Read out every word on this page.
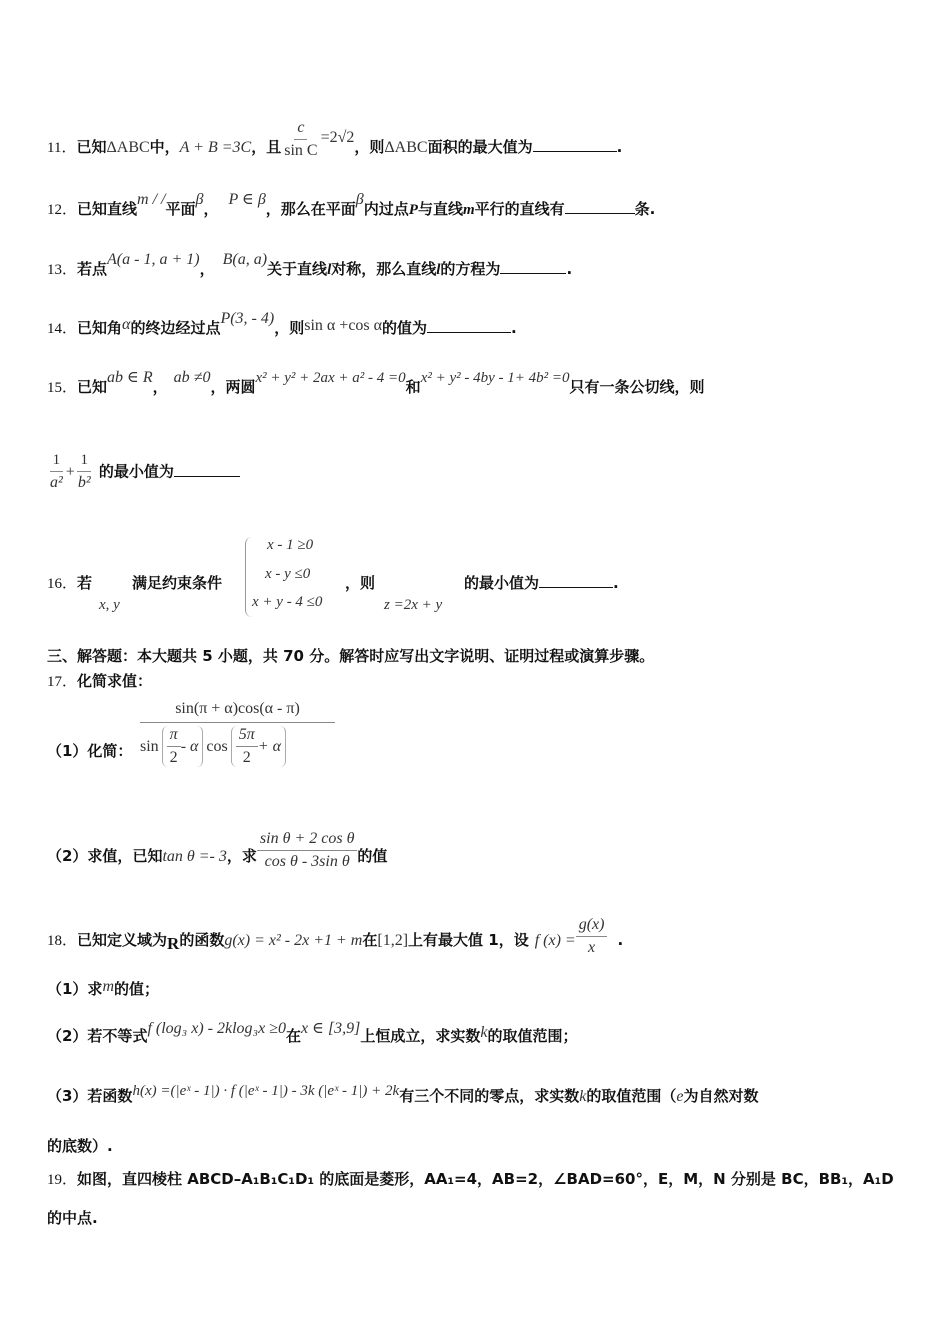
11．已知ΔABC中，A + B =3C，且 $\frac{c}{\text{sin C}} =2√2$，则ΔABC面积的最大值为	.
12．已知直线m / /平面β，P ∈ β，那么在平面β内过点P与直线m平行的直线有	条.
13．若点A(a - 1, a + 1)，B(a, a)关于直线l对称，那么直线l的方程为	.
14．已知角α的终边经过点P(3, - 4)，则sin α +cos α的值为	.
15．已知ab ∈ R，ab ≠0，两圆x² + y² + 2ax + a² - 4 =0和x² + y² - 4by - 1+ 4b² =0只有一条公切线，则
$\frac{1}{\text{a²}} + \frac{1}{\text{b²}}$ 的最小值为
16．若	满足约束条件
x, y
x - 1 ≥0
x - y ≤0
x + y - 4 ≤0
，则
z =2x + y
的最小值为	.
三、解答题：本大题共 5 小题，共 70 分。解答时应写出文字说明、证明过程或演算步骤。
17．化简求值：
（1）化简： $\frac{\sin(\pi + \alpha)\cos(\alpha - \pi)}{\sin \frac{\pi}{2} - \alpha \cos \frac{5\pi}{2} + \alpha}$
（2）求值，已知tan θ =- 3，求 $\frac{\text{sin θ + 2 cos θ}}{\text{cos θ - 3sin θ}}$ 的值
18．已知定义域为R的函数g(x) = x² - 2x +1 + m在[1,2]上有最大值 1，设 f $(x) = \frac{g(x)}{x}$ .
（1）求m的值；
（2）若不等式f (log₃ x) - 2klog₃x ≥0在x ∈ [3,9]上恒成立，求实数k的取值范围；
（3）若函数h(x) =(|eˣ - 1|) · f (|eˣ - 1|) - 3k (|eˣ - 1|) + 2k有三个不同的零点，求实数k的取值范围（e为自然对数
的底数）.
19．如图，直四棱柱 ABCD–A₁B₁C₁D₁ 的底面是菱形，AA₁=4，AB=2，∠BAD=60°，E，M，N 分别是 BC，BB₁，A₁D
的中点.
